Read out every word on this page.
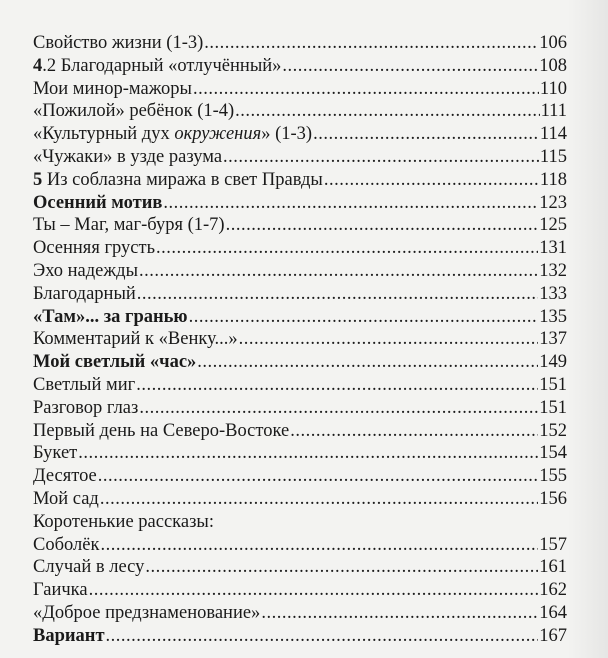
Свойство жизни (1-3) .....	106
4.2 Благодарный «отлучённый» .....	108
Мои минор-мажоры .....	110
«Пожилой» ребёнок (1-4) .....	111
«Культурный дух окружения» (1-3) .....	114
«Чужаки» в узде разума .....	115
5 Из соблазна миража в свет Правды .....	118
Осенний мотив .....	123
Ты – Маг, маг-буря (1-7) .....	125
Осенняя грусть .....	131
Эхо надежды .....	132
Благодарный .....	133
«Там»... за гранью .....	135
Комментарий к «Венку...» .....	137
Мой светлый «час» .....	149
Светлый миг .....	151
Разговор глаз .....	151
Первый день на Северо-Востоке .....	152
Букет .....	154
Десятое .....	155
Мой сад .....	156
Коротенькие рассказы:
Соболёк .....	157
Случай в лесу .....	161
Гаичка .....	162
«Доброе предзнаменование» .....	164
Вариант .....	167
